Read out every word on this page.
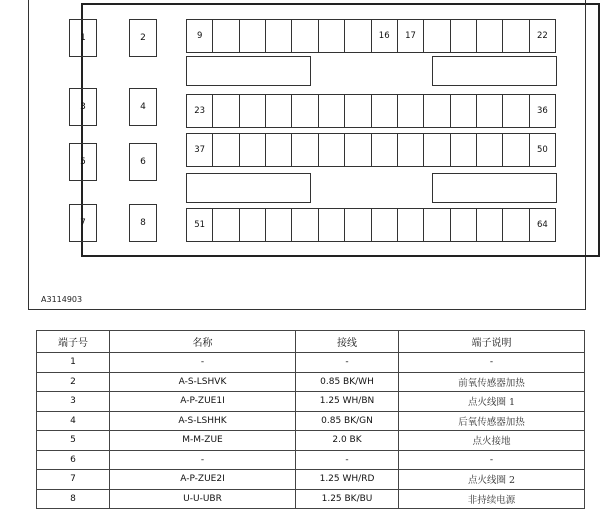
1
3
5
7
2
4
6
8
9	16	17	22
23	36
37	50
51	64
A3114903
端子号	名称	接线	端子说明
1	-	-	-
2	A-S-LSHVK	0.85 BK/WH	前氧传感器加热
3	A-P-ZUE1I	1.25 WH/BN	点火线圈 1
4	A-S-LSHHK	0.85 BK/GN	后氧传感器加热
5	M-M-ZUE	2.0 BK	点火接地
6	-	-	-
7	A-P-ZUE2I	1.25 WH/RD	点火线圈 2
8	U-U-UBR	1.25 BK/BU	非持续电源
